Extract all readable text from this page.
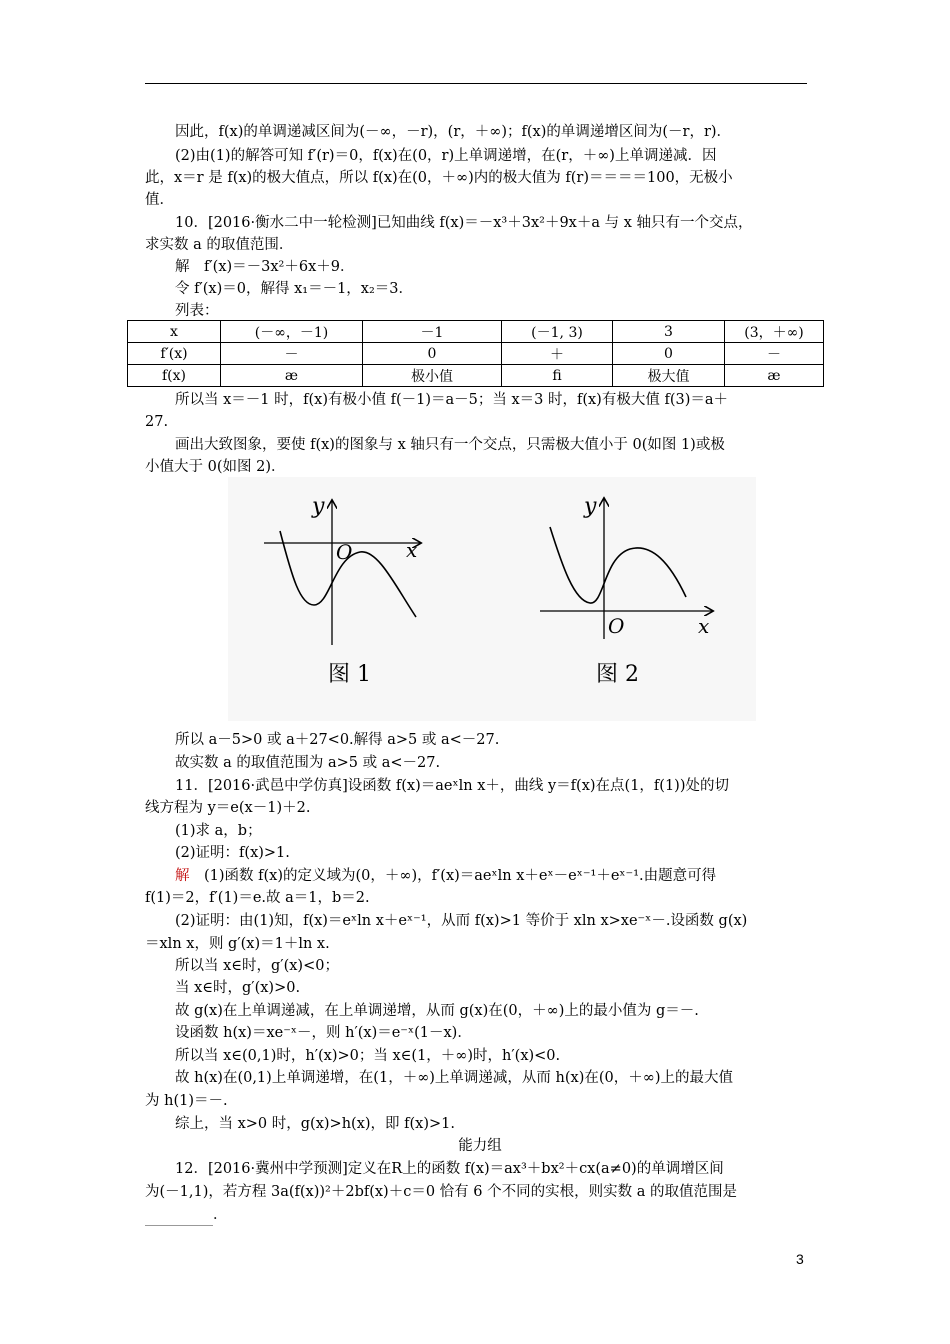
因此，f(x)的单调递减区间为(－∞，－r)，(r，＋∞)；f(x)的单调递增区间为(－r，r)．
(2)由(1)的解答可知 f′(r)＝0，f(x)在(0，r)上单调递增，在(r，＋∞)上单调递减．因
此，x＝r 是 f(x)的极大值点，所以 f(x)在(0，＋∞)内的极大值为 f(r)＝＝＝＝100，无极小
值．
10．[2016·衡水二中一轮检测]已知曲线 f(x)＝－x³＋3x²＋9x＋a 与 x 轴只有一个交点，
求实数 a 的取值范围．
解　f′(x)＝－3x²＋6x＋9．
令 f′(x)＝0，解得 x₁＝－1，x₂＝3．
列表：
x	(－∞，－1)	－1	(－1, 3)	3	(3，＋∞)
f′(x)	－	0	＋	0	－
f(x)	æ	极小值	ﬁ	极大值	æ
所以当 x＝－1 时，f(x)有极小值 f(－1)＝a－5；当 x＝3 时，f(x)有极大值 f(3)＝a＋
27.
画出大致图象，要使 f(x)的图象与 x 轴只有一个交点，只需极大值小于 0(如图 1)或极
小值大于 0(如图 2)．
y
O	x
图 1
y
O	x
图 2
所以 a－5>0 或 a＋27<0.解得 a>5 或 a<－27.
故实数 a 的取值范围为 a>5 或 a<－27.
11．[2016·武邑中学仿真]设函数 f(x)＝aeˣln x＋，曲线 y＝f(x)在点(1，f(1))处的切
线方程为 y＝e(x－1)＋2.
(1)求 a，b；
(2)证明：f(x)>1.
解　(1)函数 f(x)的定义域为(0，＋∞)，f′(x)＝aeˣln x＋eˣ－eˣ⁻¹＋eˣ⁻¹.由题意可得
f(1)＝2，f′(1)＝e.故 a＝1，b＝2.
(2)证明：由(1)知，f(x)＝eˣln x＋eˣ⁻¹，从而 f(x)>1 等价于 xln x>xe⁻ˣ－.设函数 g(x)
＝xln x，则 g′(x)＝1＋ln x.
所以当 x∈时，g′(x)<0；
当 x∈时，g′(x)>0.
故 g(x)在上单调递减，在上单调递增，从而 g(x)在(0，＋∞)上的最小值为 g＝－.
设函数 h(x)＝xe⁻ˣ－，则 h′(x)＝e⁻ˣ(1－x)．
所以当 x∈(0,1)时，h′(x)>0；当 x∈(1，＋∞)时，h′(x)<0.
故 h(x)在(0,1)上单调递增，在(1，＋∞)上单调递减，从而 h(x)在(0，＋∞)上的最大值
为 h(1)＝－.
综上，当 x>0 时，g(x)>h(x)，即 f(x)>1.
能力组
12．[2016·冀州中学预测]定义在R上的函数 f(x)＝ax³＋bx²＋cx(a≠0)的单调增区间
为(－1,1)，若方程 3a(f(x))²＋2bf(x)＋c＝0 恰有 6 个不同的实根，则实数 a 的取值范围是
．
3
